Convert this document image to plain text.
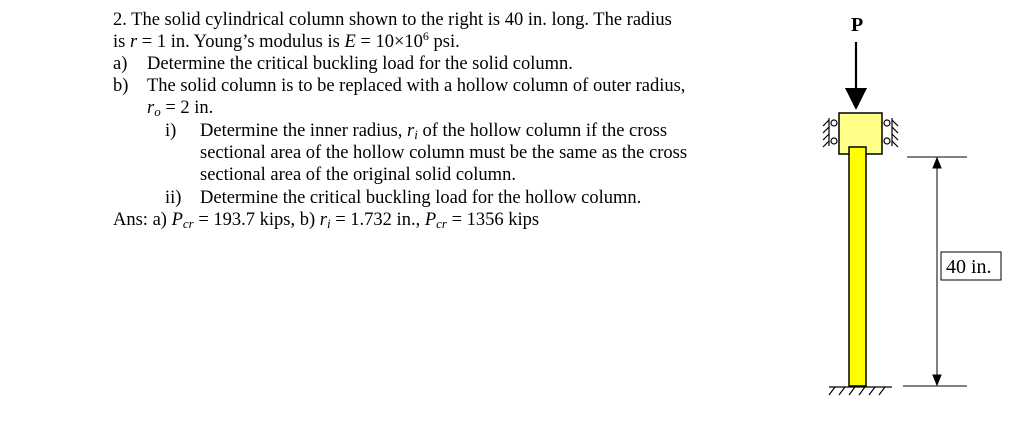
2. The solid cylindrical column shown to the right is 40 in. long. The radius
is r = 1 in. Young’s modulus is $E = 10\times 10^6$ psi.
a) Determine the critical buckling load for the solid column.
b) The solid column is to be replaced with a hollow column of outer radius,
$r_o = 2$ in.
i) Determine the inner radius, $r_i$ of the hollow column if the cross
sectional area of the hollow column must be the same as the cross
sectional area of the original solid column.
ii) Determine the critical buckling load for the hollow column.
Ans: a) $P_{cr} = 193.7$ kips, b) $r_i = 1.732$ in., $P_{cr} = 1356$ kips
P
40 in.
